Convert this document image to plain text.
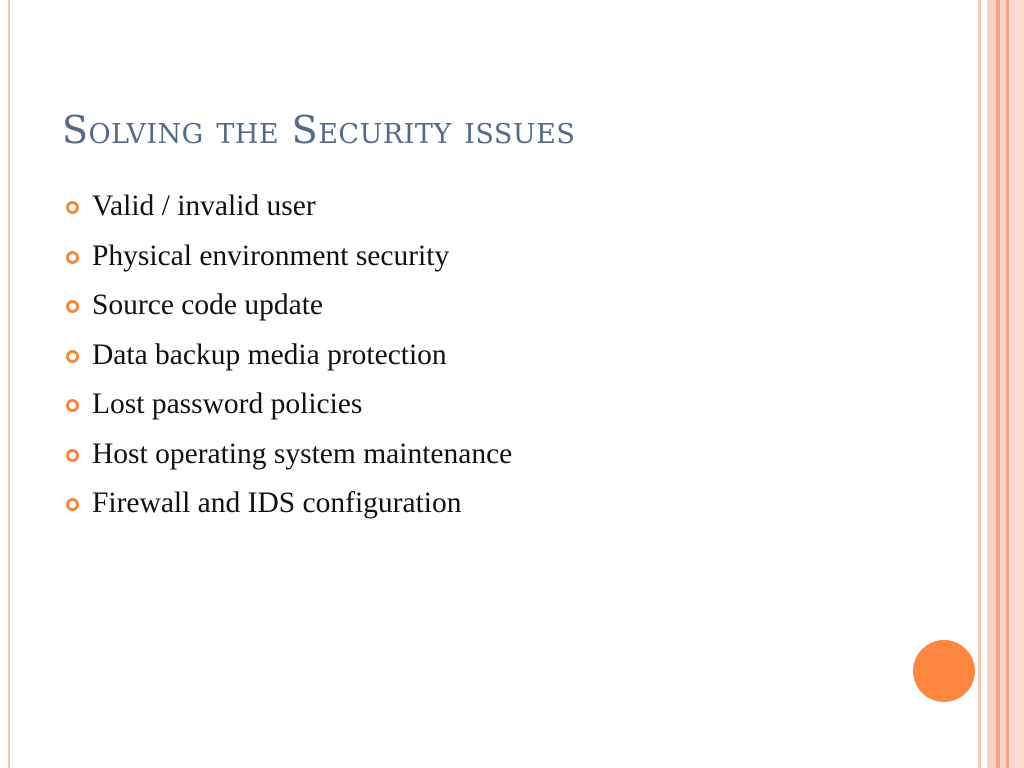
Solving the Security issues
Valid / invalid user
Physical environment security
Source code update
Data backup media protection
Lost password policies
Host operating system maintenance
Firewall and IDS configuration
